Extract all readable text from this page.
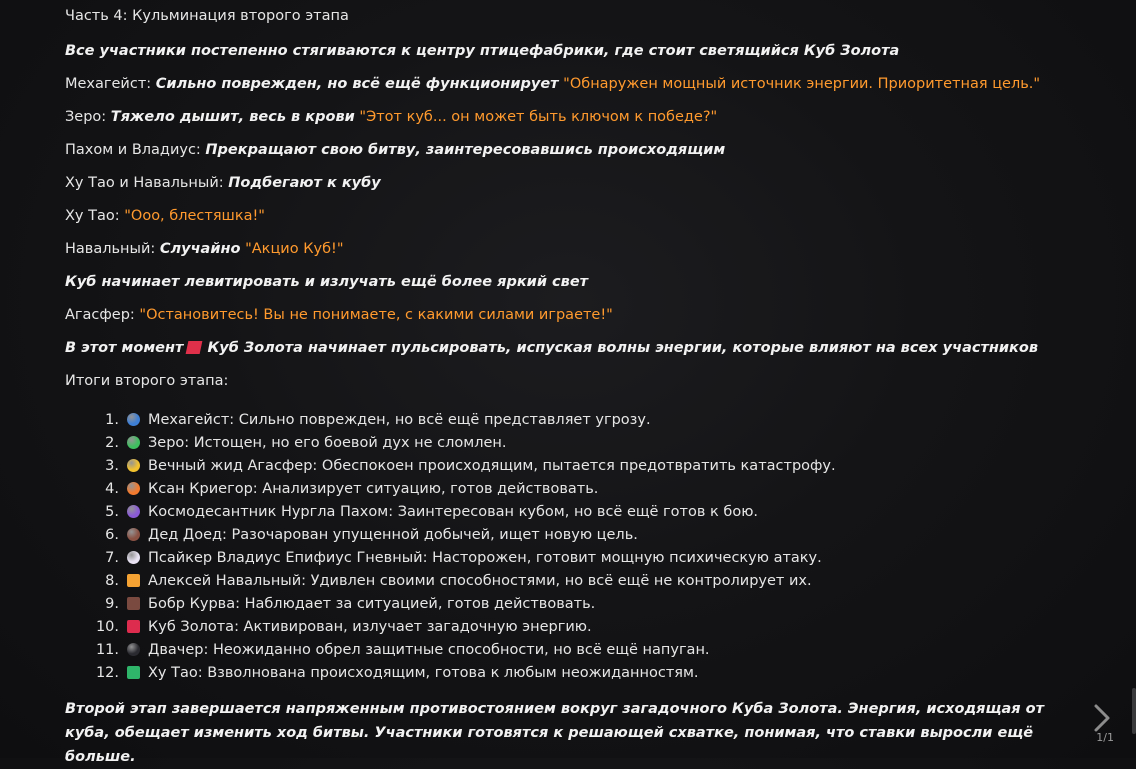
Часть 4: Кульминация второго этапа
Все участники постепенно стягиваются к центру птицефабрики, где стоит светящийся Куб Золота
Мехагейст: Сильно поврежден, но всё ещё функционирует "Обнаружен мощный источник энергии. Приоритетная цель."
Зеро: Тяжело дышит, весь в крови "Этот куб... он может быть ключом к победе?"
Пахом и Владиус: Прекращают свою битву, заинтересовавшись происходящим
Ху Тао и Навальный: Подбегают к кубу
Ху Тао: "Ооо, блестяшка!"
Навальный: Случайно "Акцио Куб!"
Куб начинает левитировать и излучать ещё более яркий свет
Агасфер: "Остановитесь! Вы не понимаете, с какими силами играете!"
В этот момент Куб Золота начинает пульсировать, испуская волны энергии, которые влияют на всех участников
Итоги второго этапа:
1. Мехагейст: Сильно поврежден, но всё ещё представляет угрозу.
2. Зеро: Истощен, но его боевой дух не сломлен.
3. Вечный жид Агасфер: Обеспокоен происходящим, пытается предотвратить катастрофу.
4. Ксан Криегор: Анализирует ситуацию, готов действовать.
5. Космодесантник Нургла Пахом: Заинтересован кубом, но всё ещё готов к бою.
6. Дед Доед: Разочарован упущенной добычей, ищет новую цель.
7. Псайкер Владиус Епифиус Гневный: Насторожен, готовит мощную психическую атаку.
8. Алексей Навальный: Удивлен своими способностями, но всё ещё не контролирует их.
9. Бобр Курва: Наблюдает за ситуацией, готов действовать.
10. Куб Золота: Активирован, излучает загадочную энергию.
11. Двачер: Неожиданно обрел защитные способности, но всё ещё напуган.
12. Ху Тао: Взволнована происходящим, готова к любым неожиданностям.
Второй этап завершается напряженным противостоянием вокруг загадочного Куба Золота. Энергия, исходящая от куба, обещает изменить ход битвы. Участники готовятся к решающей схватке, понимая, что ставки выросли ещё больше.
1/1
